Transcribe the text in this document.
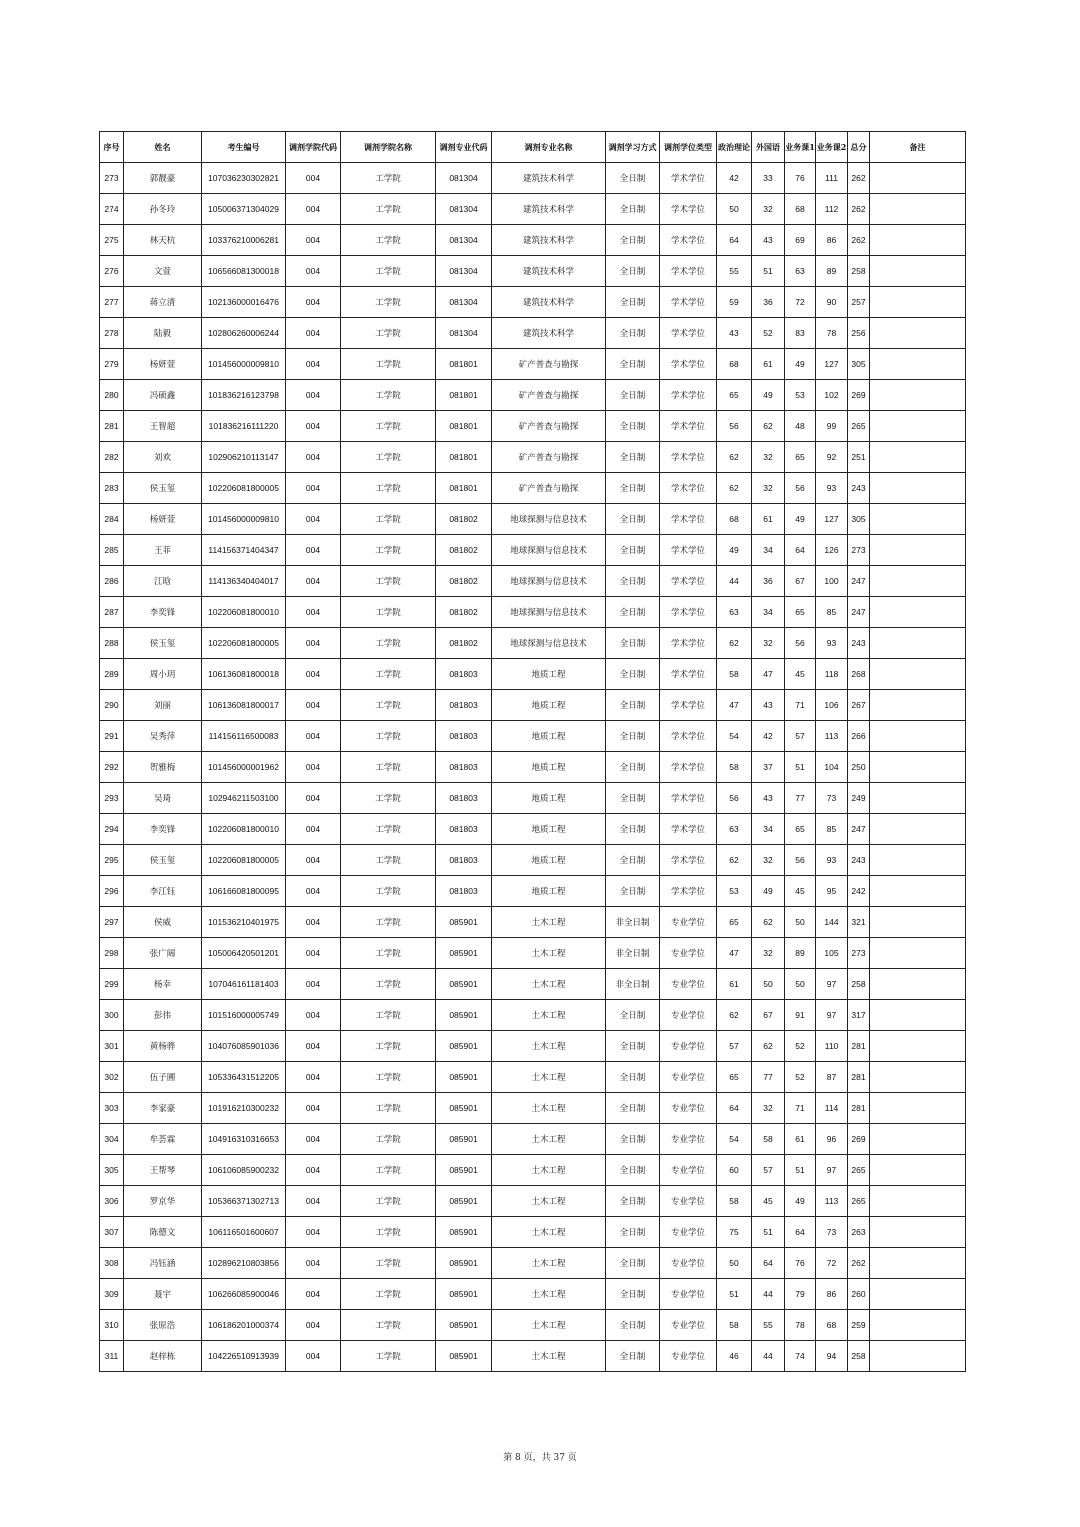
序号	姓名	考生编号	调剂学院代码	调剂学院名称	调剂专业代码	调剂专业名称	调剂学习方式	调剂学位类型	政治理论	外国语	业务课1	业务课2	总分	备注
273	郭靓豪	107036230302821	004	工学院	081304	建筑技术科学	全日制	学术学位	42	33	76	111	262	
274	孙冬玲	105006371304029	004	工学院	081304	建筑技术科学	全日制	学术学位	50	32	68	112	262	
275	林天杭	103376210006281	004	工学院	081304	建筑技术科学	全日制	学术学位	64	43	69	86	262	
276	文萱	106566081300018	004	工学院	081304	建筑技术科学	全日制	学术学位	55	51	63	89	258	
277	蒋立清	102136000016476	004	工学院	081304	建筑技术科学	全日制	学术学位	59	36	72	90	257	
278	陆毅	102806260006244	004	工学院	081304	建筑技术科学	全日制	学术学位	43	52	83	78	256	
279	杨妍萱	101456000009810	004	工学院	081801	矿产普查与勘探	全日制	学术学位	68	61	49	127	305	
280	冯硕鑫	101836216123798	004	工学院	081801	矿产普查与勘探	全日制	学术学位	65	49	53	102	269	
281	王智超	101836216111220	004	工学院	081801	矿产普查与勘探	全日制	学术学位	56	62	48	99	265	
282	刘欢	102906210113147	004	工学院	081801	矿产普查与勘探	全日制	学术学位	62	32	65	92	251	
283	侯玉玺	102206081800005	004	工学院	081801	矿产普查与勘探	全日制	学术学位	62	32	56	93	243	
284	杨妍萱	101456000009810	004	工学院	081802	地球探测与信息技术	全日制	学术学位	68	61	49	127	305	
285	王菲	114156371404347	004	工学院	081802	地球探测与信息技术	全日制	学术学位	49	34	64	126	273	
286	江晗	114136340404017	004	工学院	081802	地球探测与信息技术	全日制	学术学位	44	36	67	100	247	
287	李奕锋	102206081800010	004	工学院	081802	地球探测与信息技术	全日制	学术学位	63	34	65	85	247	
288	侯玉玺	102206081800005	004	工学院	081802	地球探测与信息技术	全日制	学术学位	62	32	56	93	243	
289	周小玥	106136081800018	004	工学院	081803	地质工程	全日制	学术学位	58	47	45	118	268	
290	刘丽	106136081800017	004	工学院	081803	地质工程	全日制	学术学位	47	43	71	106	267	
291	吴秀萍	114156116500083	004	工学院	081803	地质工程	全日制	学术学位	54	42	57	113	266	
292	贺雅梅	101456000001962	004	工学院	081803	地质工程	全日制	学术学位	58	37	51	104	250	
293	吴琦	102946211503100	004	工学院	081803	地质工程	全日制	学术学位	56	43	77	73	249	
294	李奕锋	102206081800010	004	工学院	081803	地质工程	全日制	学术学位	63	34	65	85	247	
295	侯玉玺	102206081800005	004	工学院	081803	地质工程	全日制	学术学位	62	32	56	93	243	
296	李江钰	106166081800095	004	工学院	081803	地质工程	全日制	学术学位	53	49	45	95	242	
297	侯威	101536210401975	004	工学院	085901	土木工程	非全日制	专业学位	65	62	50	144	321	
298	张广阔	105006420501201	004	工学院	085901	土木工程	非全日制	专业学位	47	32	89	105	273	
299	杨幸	107046161181403	004	工学院	085901	土木工程	非全日制	专业学位	61	50	50	97	258	
300	彭伟	101516000005749	004	工学院	085901	土木工程	全日制	专业学位	62	67	91	97	317	
301	黄杨骅	104076085901036	004	工学院	085901	土木工程	全日制	专业学位	57	62	52	110	281	
302	伍子圃	105336431512205	004	工学院	085901	土木工程	全日制	专业学位	65	77	52	87	281	
303	李家豪	101916210300232	004	工学院	085901	土木工程	全日制	专业学位	64	32	71	114	281	
304	牟荟霖	104916310316653	004	工学院	085901	土木工程	全日制	专业学位	54	58	61	96	269	
305	王帮琴	106106085900232	004	工学院	085901	土木工程	全日制	专业学位	60	57	51	97	265	
306	罗京华	105366371302713	004	工学院	085901	土木工程	全日制	专业学位	58	45	49	113	265	
307	陈德文	106116501600607	004	工学院	085901	土木工程	全日制	专业学位	75	51	64	73	263	
308	冯钰涵	102896210803856	004	工学院	085901	土木工程	全日制	专业学位	50	64	76	72	262	
309	聂宇	106266085900046	004	工学院	085901	土木工程	全日制	专业学位	51	44	79	86	260	
310	张原浩	106186201000374	004	工学院	085901	土木工程	全日制	专业学位	58	55	78	68	259	
311	赵梓栋	104226510913939	004	工学院	085901	土木工程	全日制	专业学位	46	44	74	94	258	
第 8 页，共 37 页
